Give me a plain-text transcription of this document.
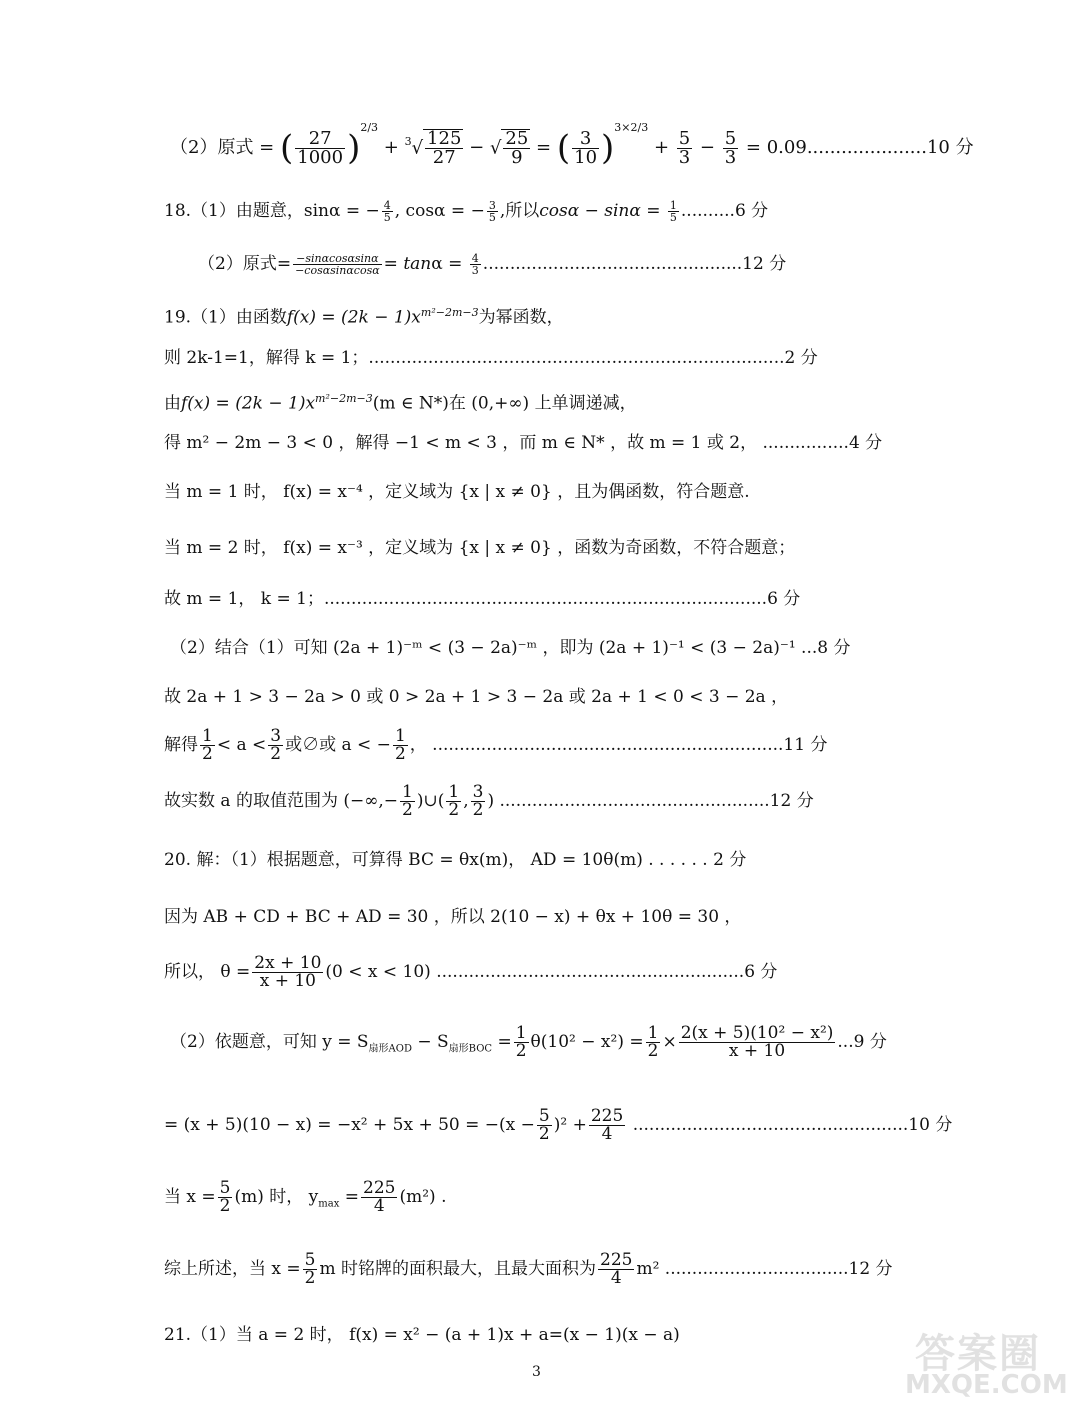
（2）原式 = ( $\frac{27}{1000} )^{2/3} + ^3√ \frac{125}{27}$ − √ $\frac{25}{9}$ = ( $\frac{3}{10} )^{3\times 2/3} + \frac{5}{3} - \frac{5}{3} = 0.09.....................10$ 分
18.（1）由题意，sinα = − $\frac{4}{5}$ , cosα = − $\frac{3}{5}$ ,所以$\cos\alpha - \sin\alpha = \frac{1}{5} ..........6$ 分
（2）原式= $\frac{-\sin\alpha\cos\alpha\sin\alpha}{-\cos\alpha\sin\alpha\cos\alpha} = \tan\alpha = \frac{4}{3} ................................................12$ 分
19.（1）由函数$f(x) = (2k - 1)x^{m^2-2m-3}$为幂函数，
则 2k-1=1，解得 k = 1；.............................................................................2 分
由$f(x) = (2k - 1)x^{m^2-2m-3}(m$ ∈ N*)在 (0,+∞) 上单调递减，
得 m² − 2m − 3 < 0 ，解得 −1 < m < 3 ，而 m ∈ N* ，故 m = 1 或 2， ................4 分
当 m = 1 时， f(x) = x⁻⁴ ，定义域为 {x | x ≠ 0} ，且为偶函数，符合题意.
当 m = 2 时， f(x) = x⁻³ ，定义域为 {x | x ≠ 0} ，函数为奇函数，不符合题意；
故 m = 1， k = 1；..................................................................................6 分
（2）结合（1）可知 (2a + 1)⁻ᵐ < (3 − 2a)⁻ᵐ ，即为 (2a + 1)⁻¹ < (3 − 2a)⁻¹ ...8 分
故 2a + 1 > 3 − 2a > 0 或 0 > 2a + 1 > 3 − 2a 或 2a + 1 < 0 < 3 − 2a ，
解得 $\frac{1}{2} < a < \frac{3}{2}$ 或∅或 a < − $\frac{1}{2}$ ， .................................................................11 分
故实数 a 的取值范围为 (−∞,− $\frac{1}{2}$ )∪( $\frac{1}{2}$ , $\frac{3}{2}$ ) ..................................................12 分
20. 解：（1）根据题意，可算得 BC = θx(m)， AD = 10θ(m) . . . . . . 2 分
因为 AB + CD + BC + AD = 30 ，所以 2(10 − x) + θx + 10θ = 30 ，
所以， $\theta = \frac{2x + 10}{x + 10} (0 < x < 10)$ .........................................................6 分
（2）依题意，可知 $y = S_{扇形AOD} - S_{扇形BOC} = \frac{1}{2} \theta(10^2 - x^2) = \frac{1}{2} \times \frac{\text{2(x + 5)(10² − x²)}}{x + 10} ...9$ 分
= $(x + 5)(10 - x) = -x^2 + 5x + 50 = -(x - \frac{5}{2} )^2 + \frac{225}{4} ...................................................10$ 分
当 $x = \frac{5}{2} (m)$ 时， $y_{max} = \frac{225}{4} (m^2)$ .
综上所述，当 $x = \frac{5}{2}$ m 时铭牌的面积最大，且最大面积为 $\frac{225}{4} m^2$ ..................................12 分
21.（1）当 a = 2 时， f(x) = x² − (a + 1)x + a=(x − 1)(x − a)	答案圈
MXQE.COM
3
